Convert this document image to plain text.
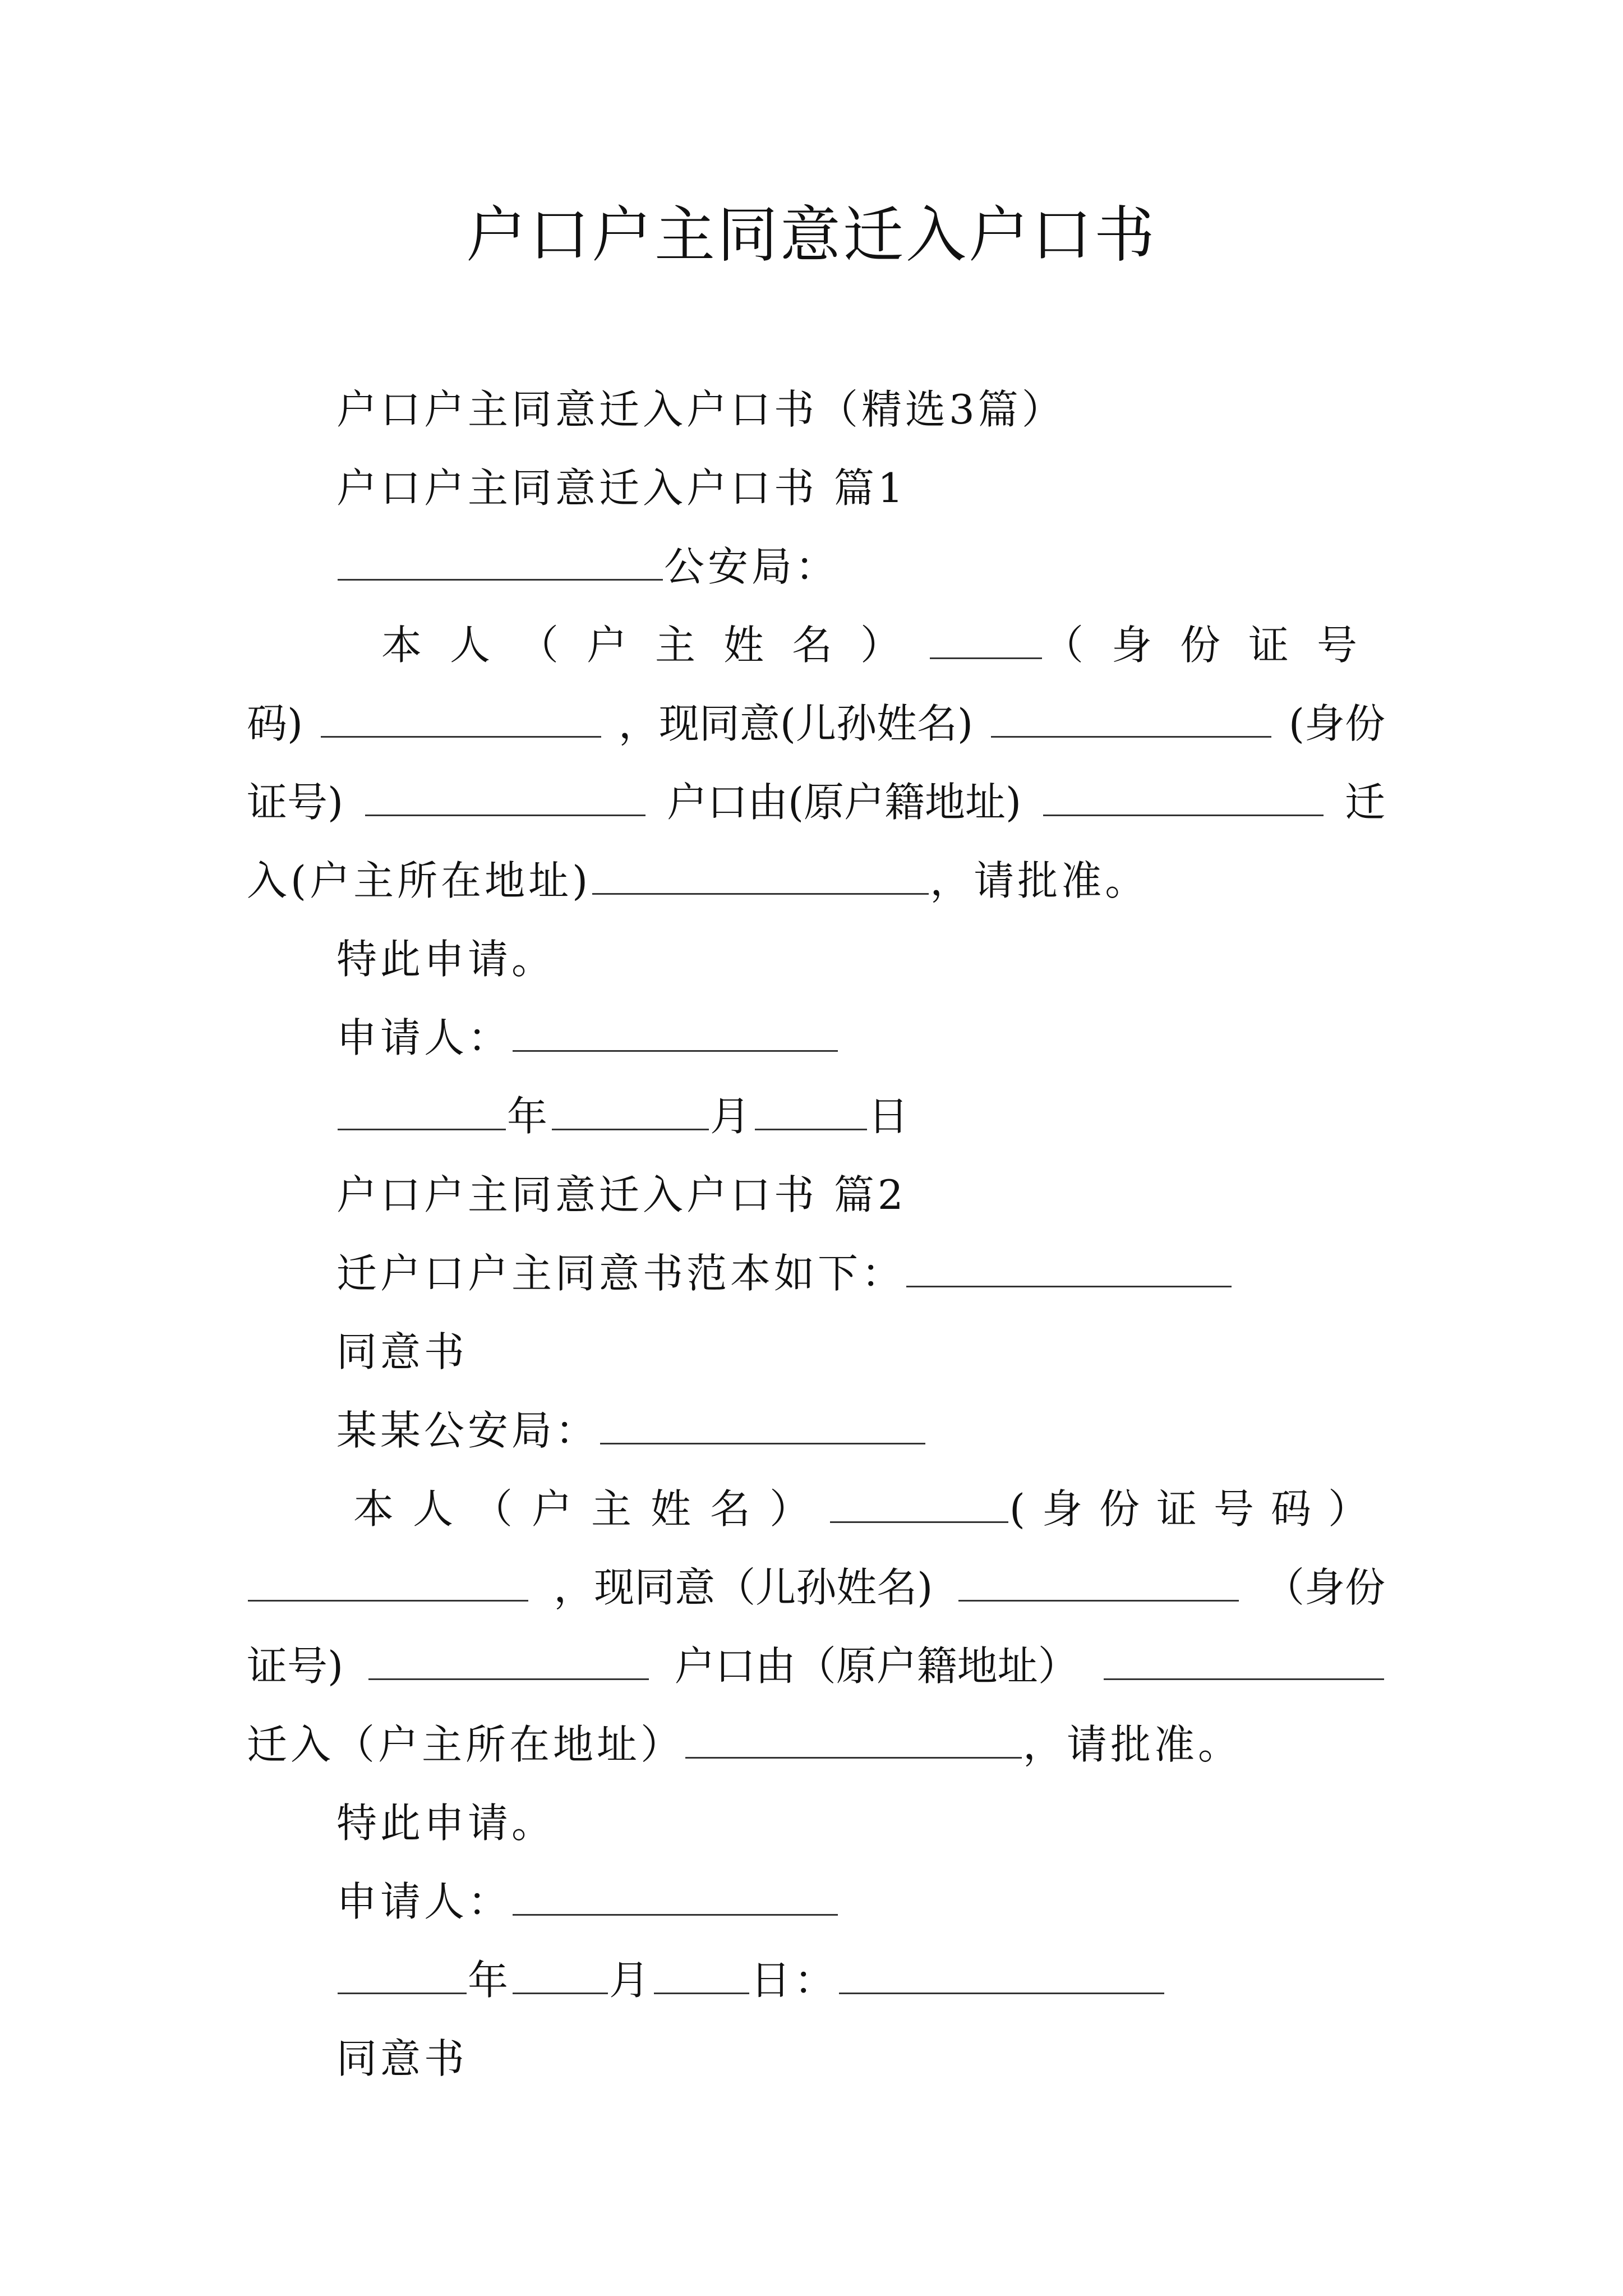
户口户主同意迁入户口书
户口户主同意迁入户口书（精选3篇）
户口户主同意迁入户口书 篇1
公安局：
本人（户主姓名）	（身份证号
码)	，现同意(儿孙姓名)	(身份
证号)	户口由(原户籍地址)	迁
入(户主所在地址)	，请批准。
特此申请。
申请人：
年	月	日
户口户主同意迁入户口书 篇2
迁户口户主同意书范本如下：
同意书
某某公安局：
本人（户主姓名）	(身份证号码）
，现同意（儿孙姓名)	（身份
证号)	户口由（原户籍地址）
迁入（户主所在地址）	，请批准。
特此申请。
申请人：
年 月 日：
同意书
